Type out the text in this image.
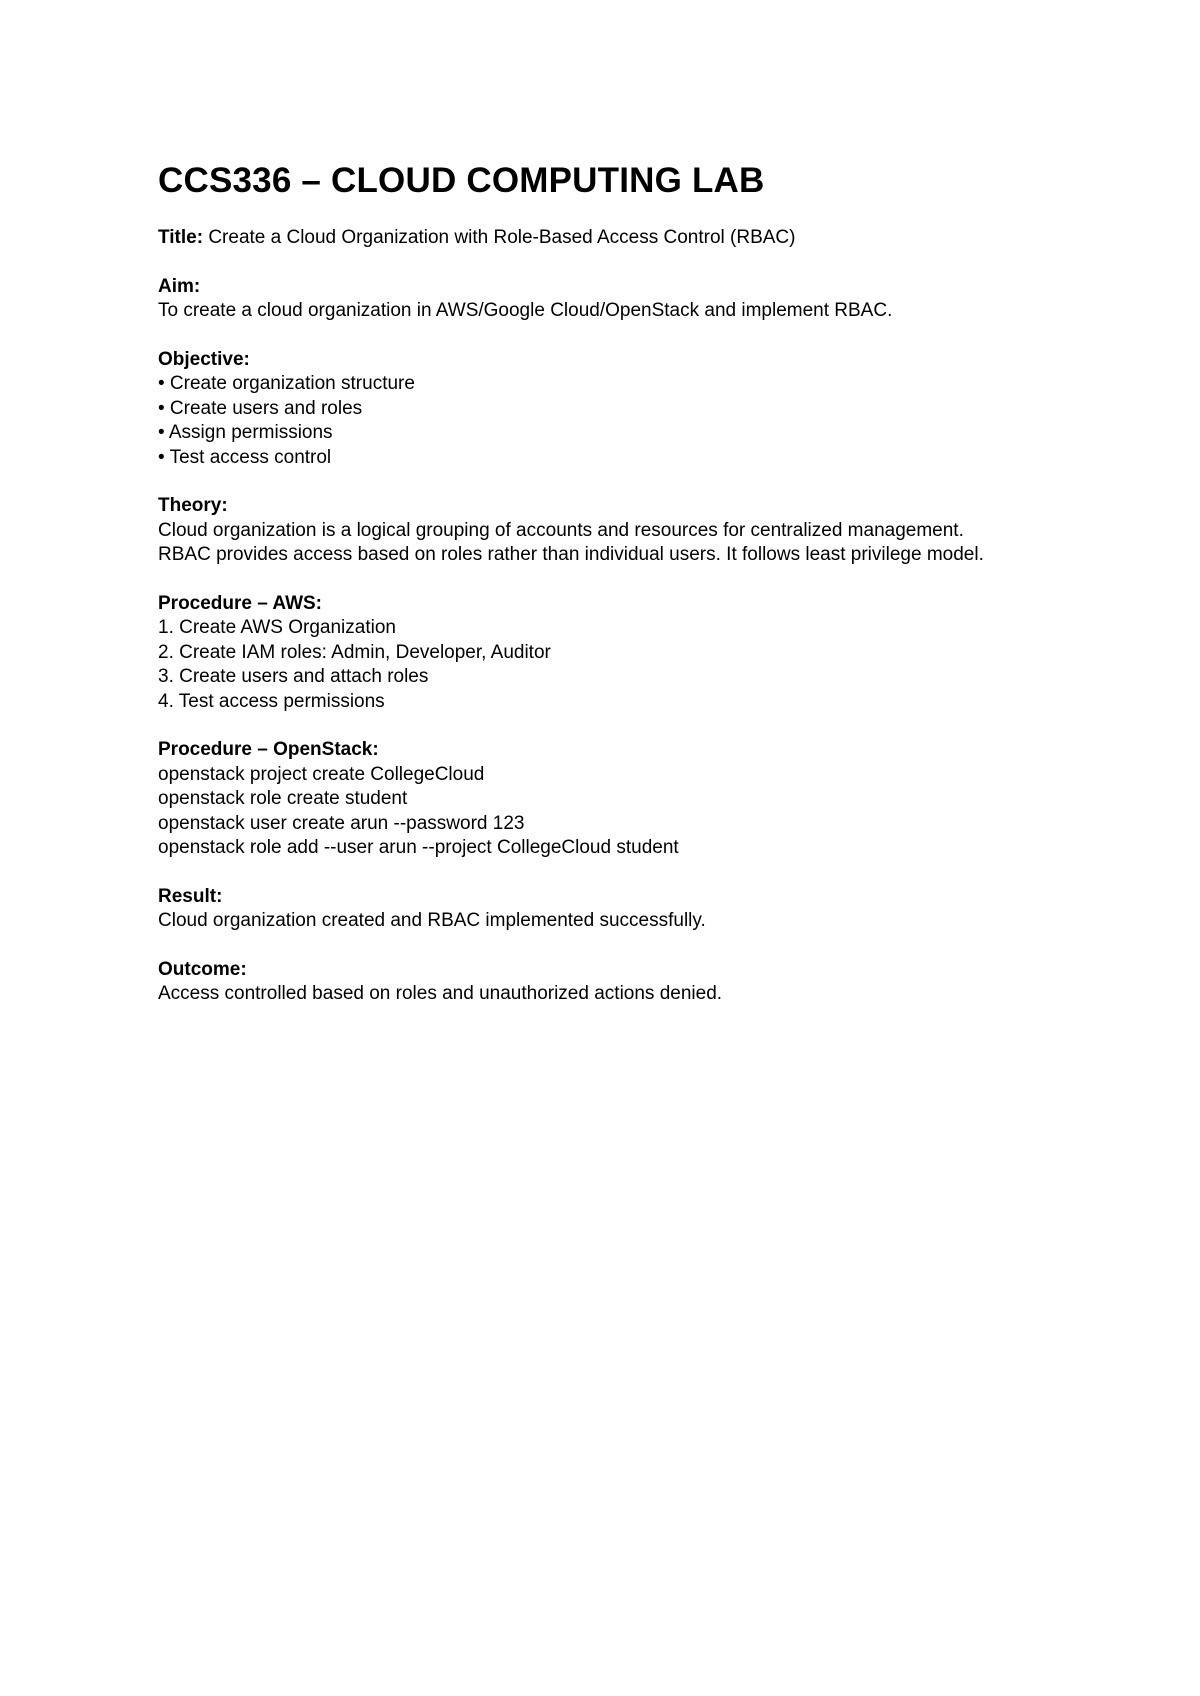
CCS336 – CLOUD COMPUTING LAB
Title: Create a Cloud Organization with Role-Based Access Control (RBAC)
Aim:
To create a cloud organization in AWS/Google Cloud/OpenStack and implement RBAC.
Objective:
• Create organization structure
• Create users and roles
• Assign permissions
• Test access control
Theory:
Cloud organization is a logical grouping of accounts and resources for centralized management.
RBAC provides access based on roles rather than individual users. It follows least privilege model.
Procedure – AWS:
1. Create AWS Organization
2. Create IAM roles: Admin, Developer, Auditor
3. Create users and attach roles
4. Test access permissions
Procedure – OpenStack:
openstack project create CollegeCloud
openstack role create student
openstack user create arun --password 123
openstack role add --user arun --project CollegeCloud student
Result:
Cloud organization created and RBAC implemented successfully.
Outcome:
Access controlled based on roles and unauthorized actions denied.
